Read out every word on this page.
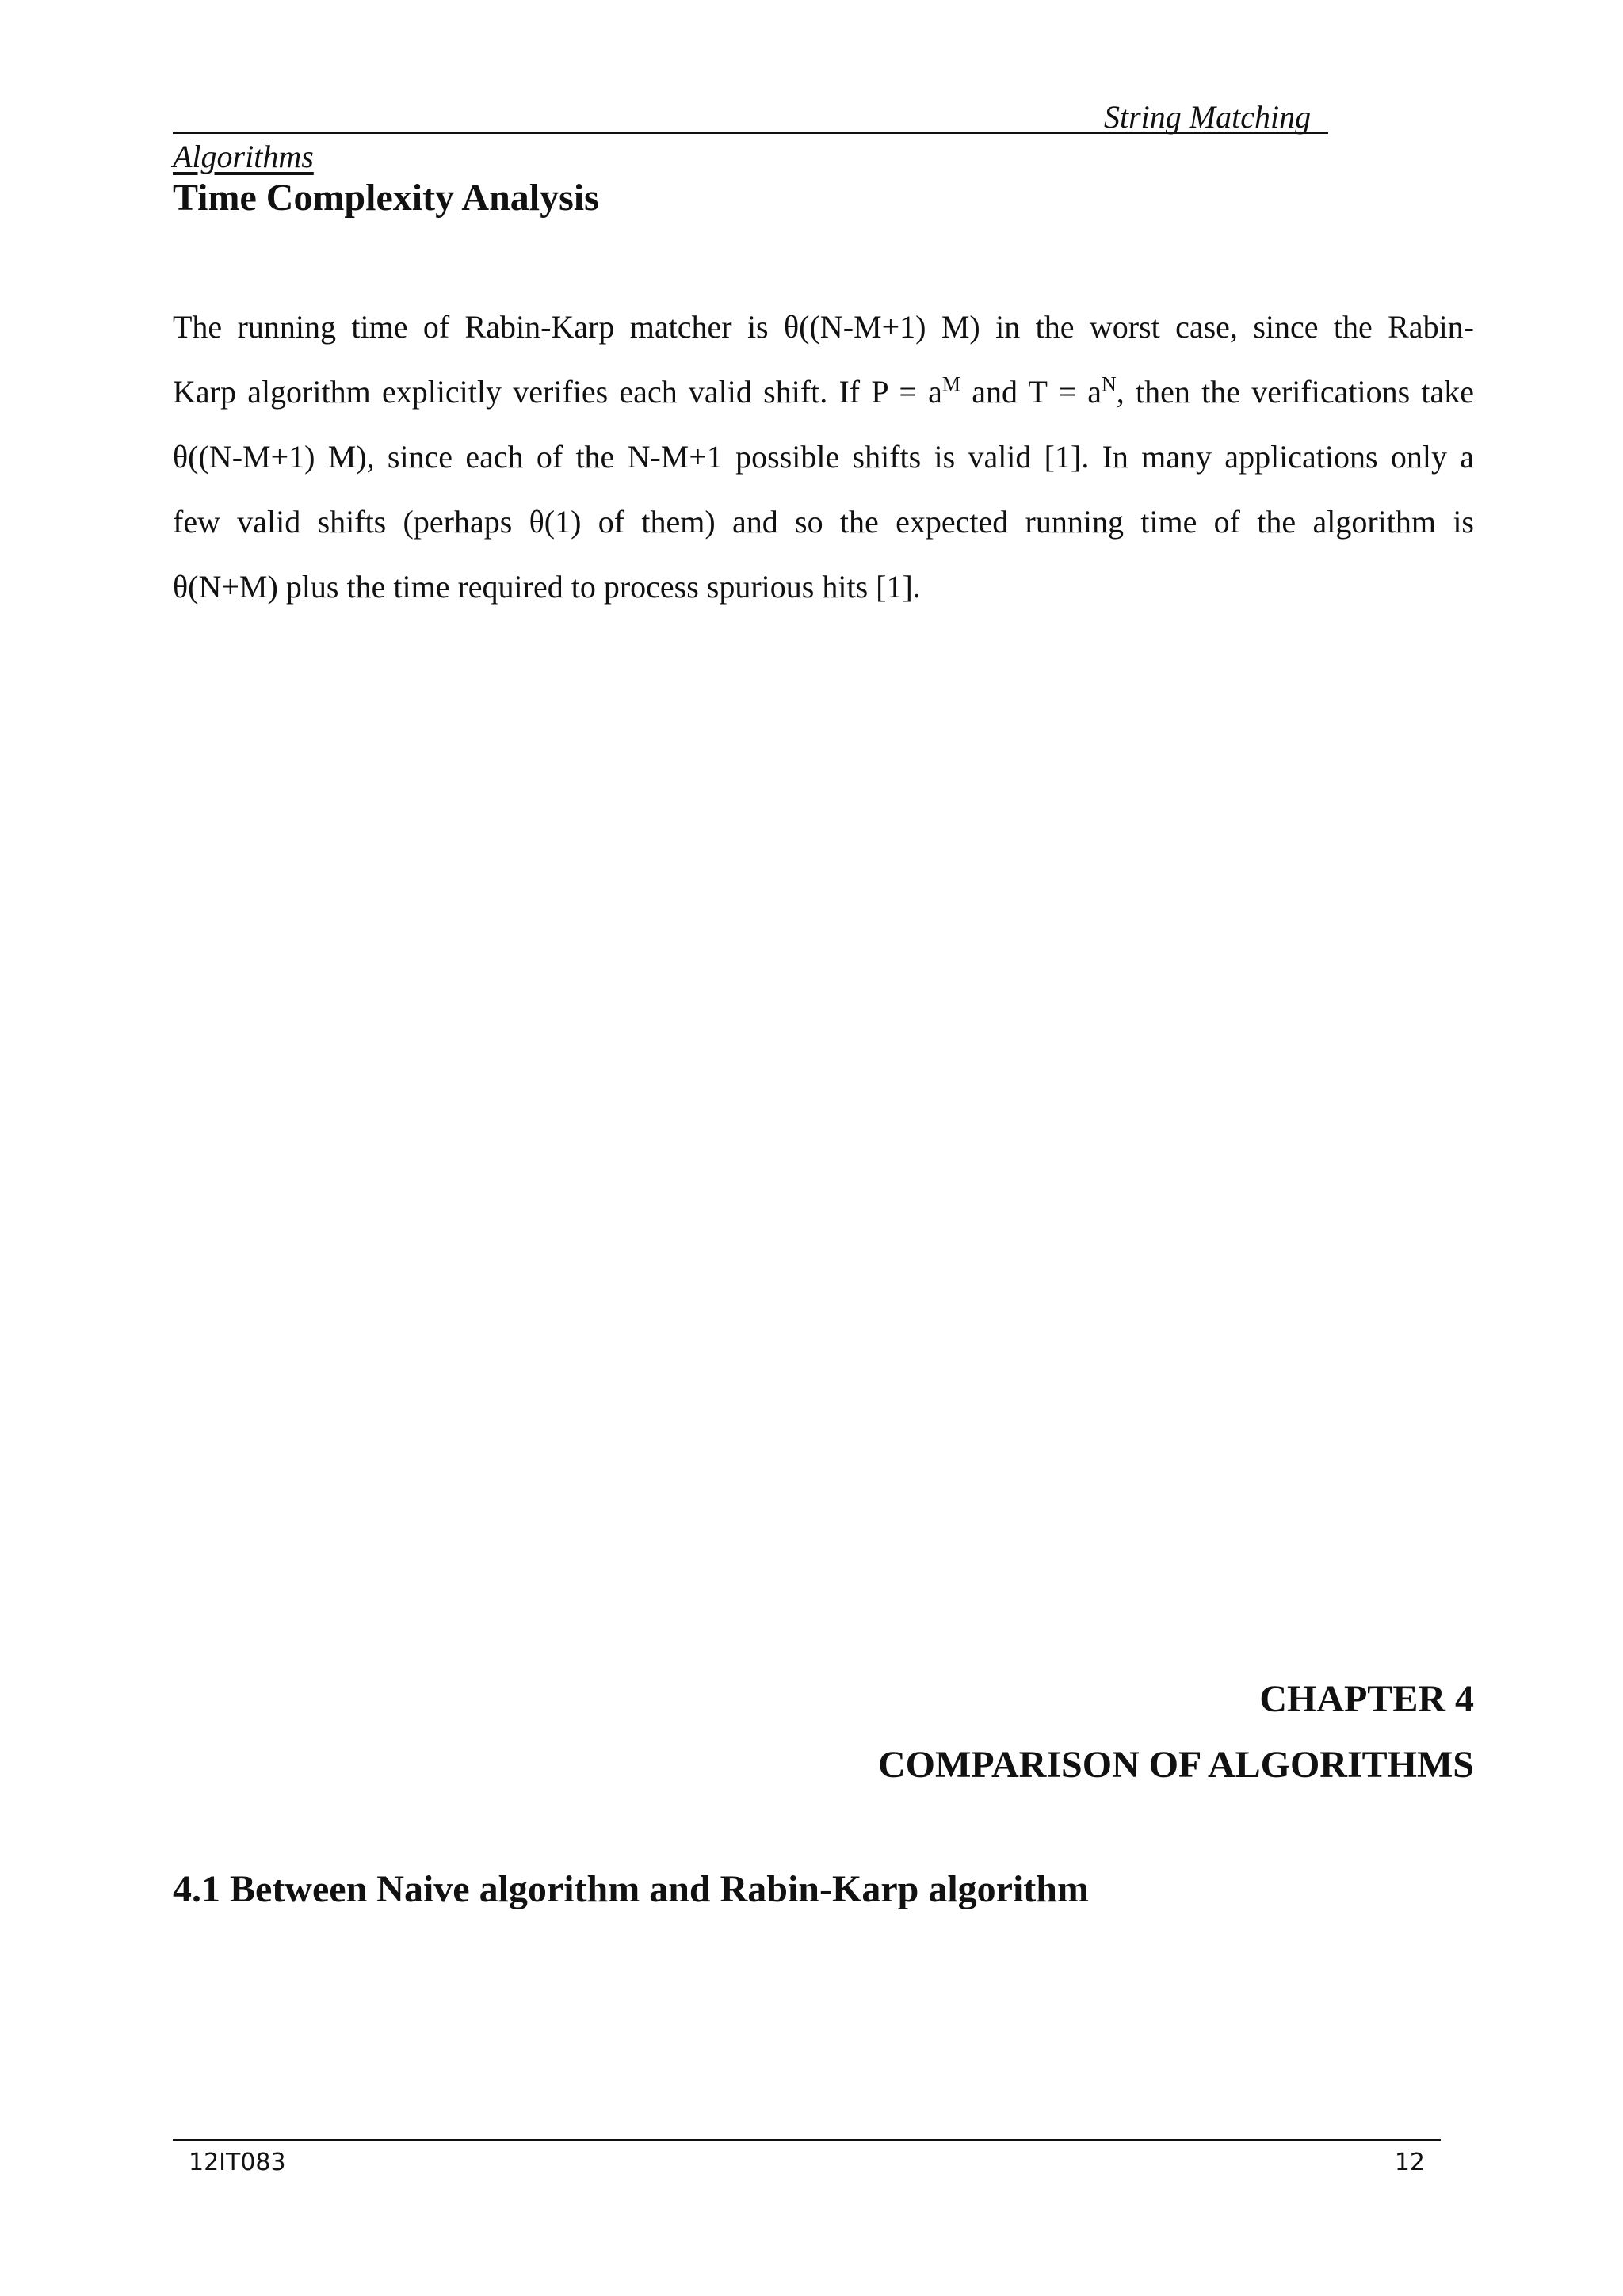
String Matching
Algorithms
Time Complexity Analysis
The running time of Rabin-Karp matcher is θ((N-M+1) M) in the worst case, since the Rabin-
Karp algorithm explicitly verifies each valid shift. If $P = a^M$ and $T = a^N$, then the verifications take
θ((N-M+1) M), since each of the N-M+1 possible shifts is valid [1]. In many applications only a
few valid shifts (perhaps θ(1) of them) and so the expected running time of the algorithm is
θ(N+M) plus the time required to process spurious hits [1].
CHAPTER 4
COMPARISON OF ALGORITHMS
4.1 Between Naive algorithm and Rabin-Karp algorithm
12IT083	12
